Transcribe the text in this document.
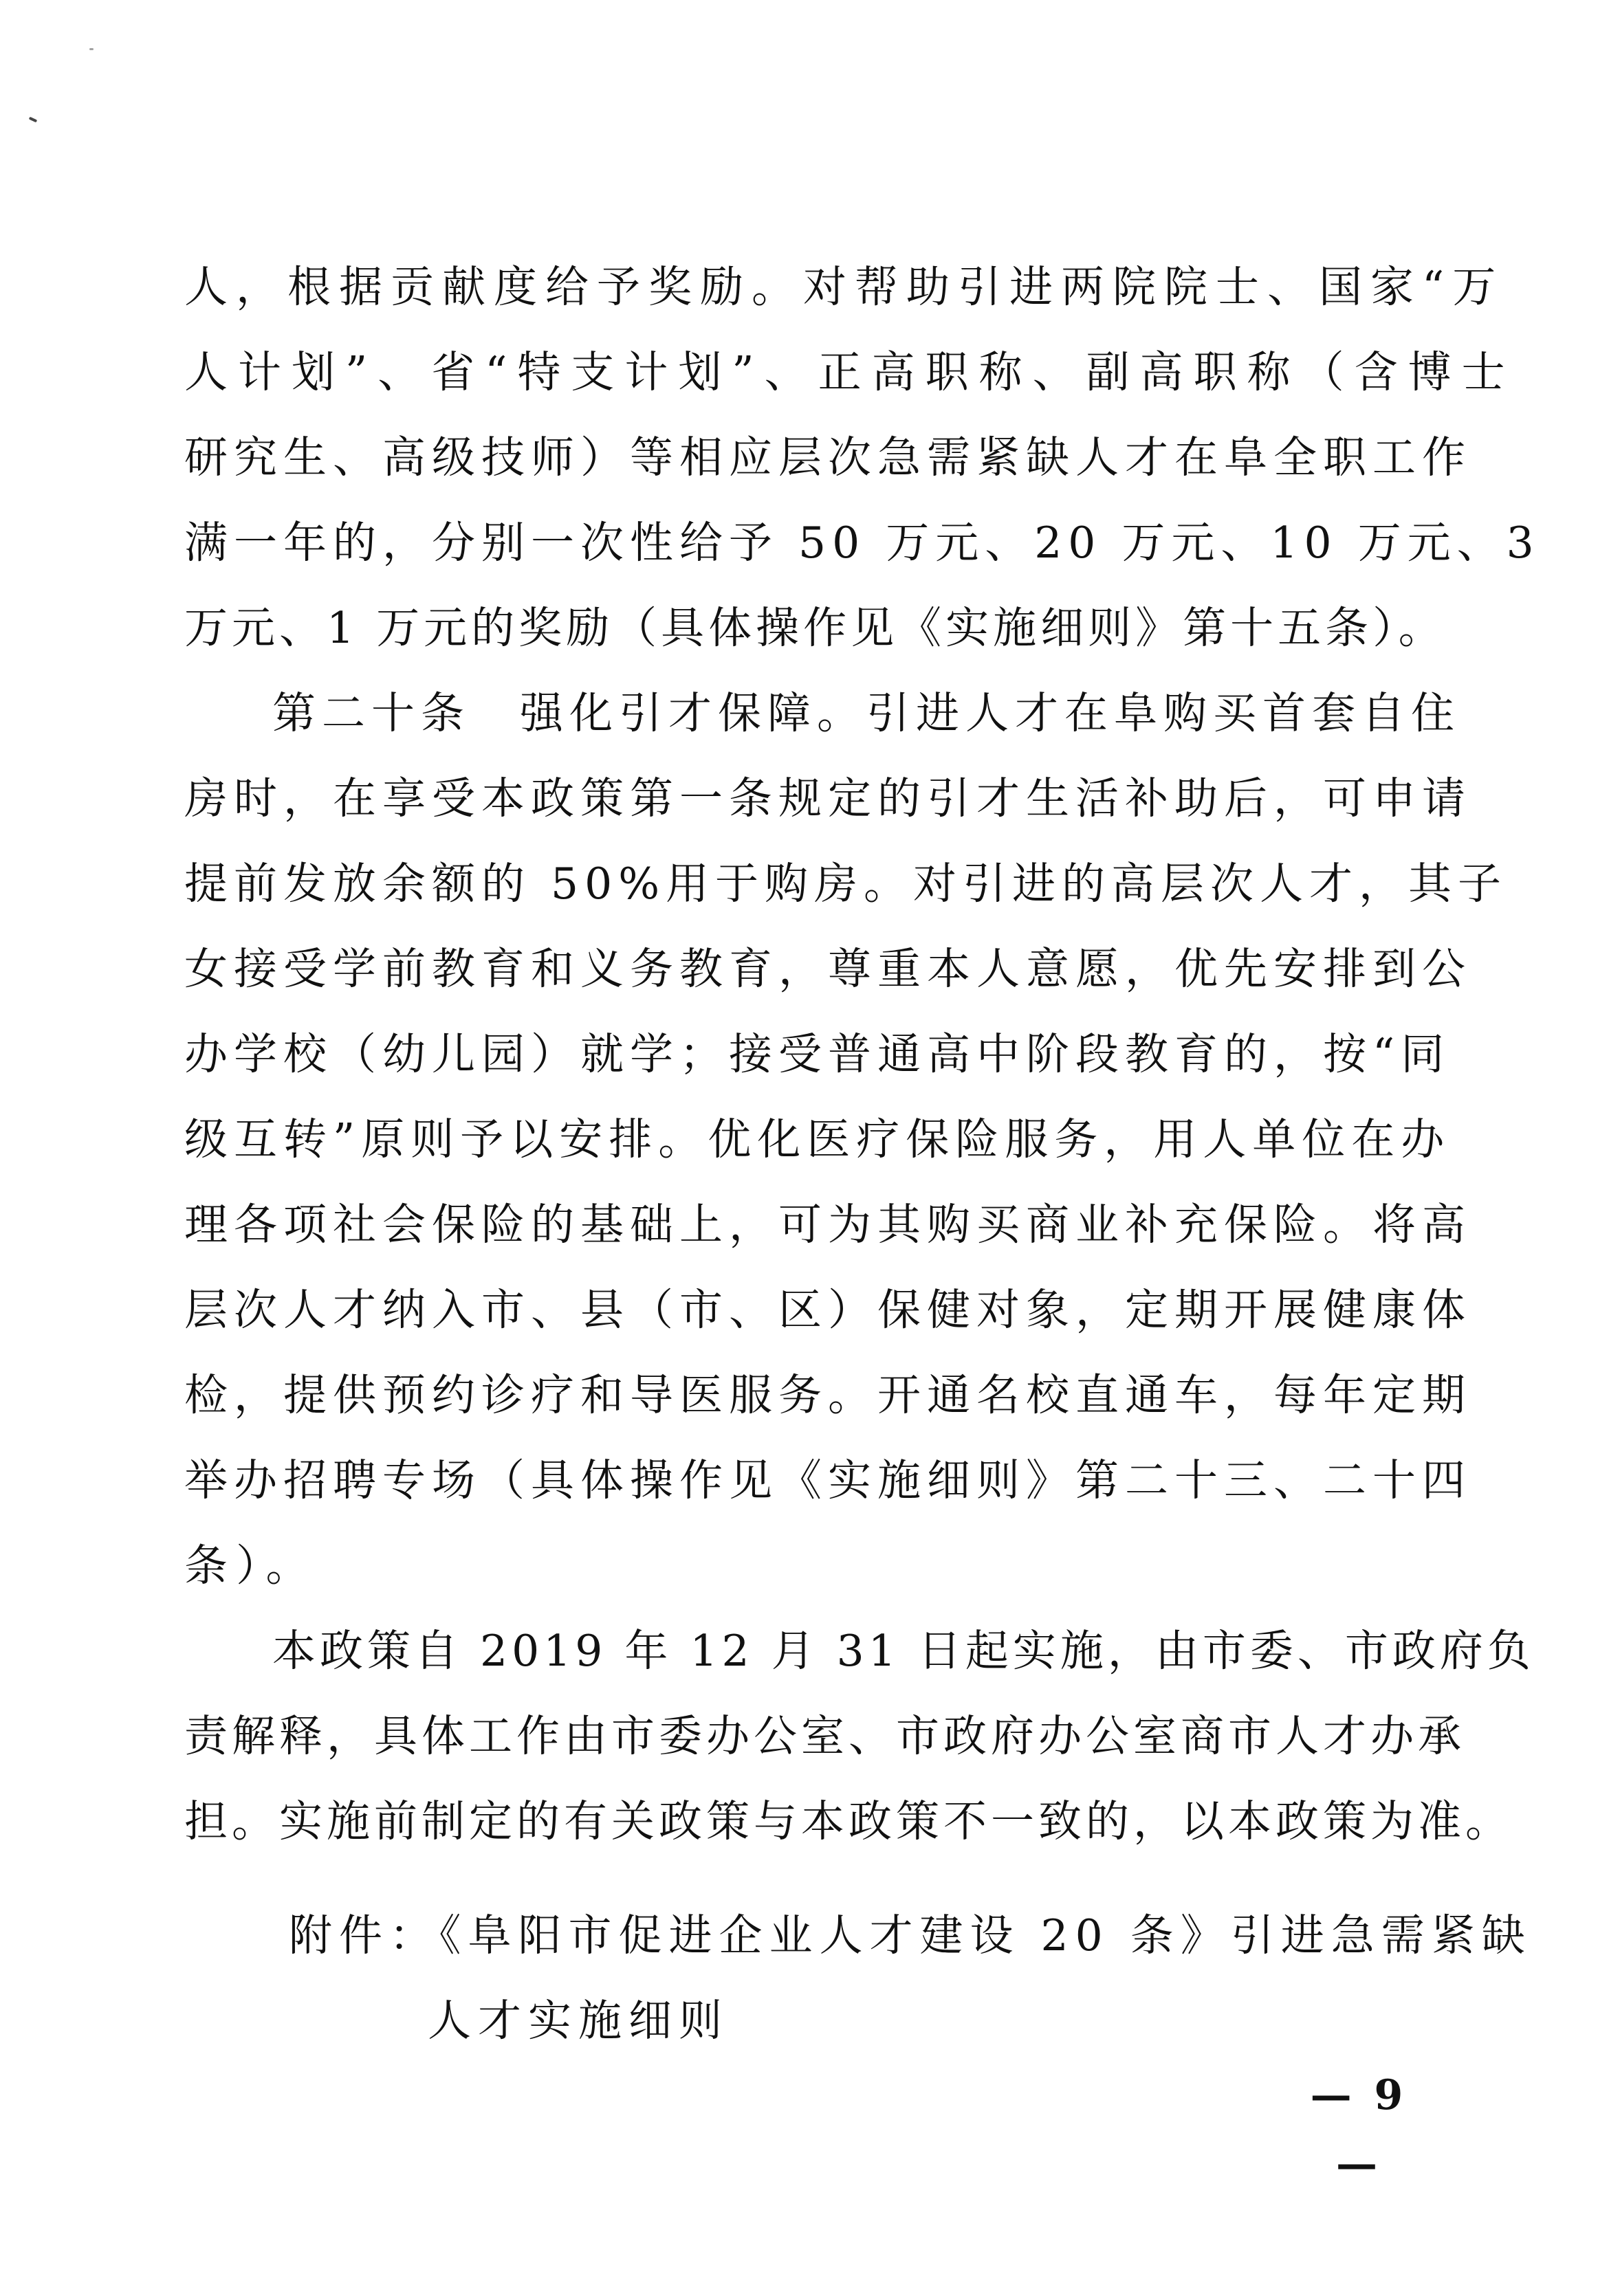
人，根据贡献度给予奖励。对帮助引进两院院士、国家“万
人计划”、省“特支计划”、正高职称、副高职称（含博士
研究生、高级技师）等相应层次急需紧缺人才在阜全职工作
满一年的，分别一次性给予 50 万元、20 万元、10 万元、3
万元、1 万元的奖励（具体操作见《实施细则》第十五条）。
第二十条　强化引才保障。引进人才在阜购买首套自住
房时，在享受本政策第一条规定的引才生活补助后，可申请
提前发放余额的 50%用于购房。对引进的高层次人才，其子
女接受学前教育和义务教育，尊重本人意愿，优先安排到公
办学校（幼儿园）就学；接受普通高中阶段教育的，按“同
级互转”原则予以安排。优化医疗保险服务，用人单位在办
理各项社会保险的基础上，可为其购买商业补充保险。将高
层次人才纳入市、县（市、区）保健对象，定期开展健康体
检，提供预约诊疗和导医服务。开通名校直通车，每年定期
举办招聘专场（具体操作见《实施细则》第二十三、二十四
条）。
本政策自 2019 年 12 月 31 日起实施，由市委、市政府负
责解释，具体工作由市委办公室、市政府办公室商市人才办承
担。实施前制定的有关政策与本政策不一致的，以本政策为准。
附件：《阜阳市促进企业人才建设 20 条》引进急需紧缺
人才实施细则
— 9 —
